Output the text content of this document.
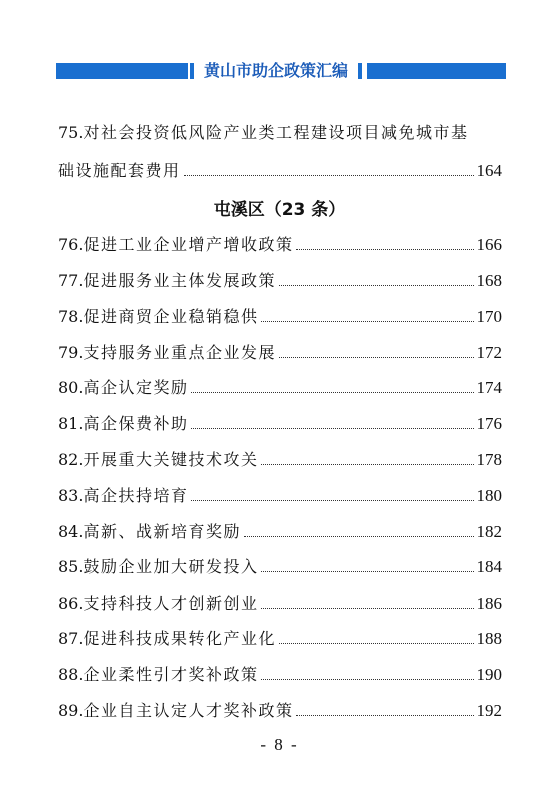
黄山市助企政策汇编
75.对社会投资低风险产业类工程建设项目减免城市基
础设施配套费用	164
屯溪区（23 条）
76. 促进工业企业增产增收政策	166
77. 促进服务业主体发展政策	168
78. 促进商贸企业稳销稳供	170
79. 支持服务业重点企业发展	172
80. 高企认定奖励	174
81. 高企保费补助	176
82. 开展重大关键技术攻关	178
83. 高企扶持培育	180
84. 高新、战新培育奖励	182
85. 鼓励企业加大研发投入	184
86. 支持科技人才创新创业	186
87. 促进科技成果转化产业化	188
88. 企业柔性引才奖补政策	190
89. 企业自主认定人才奖补政策	192
- 8 -
